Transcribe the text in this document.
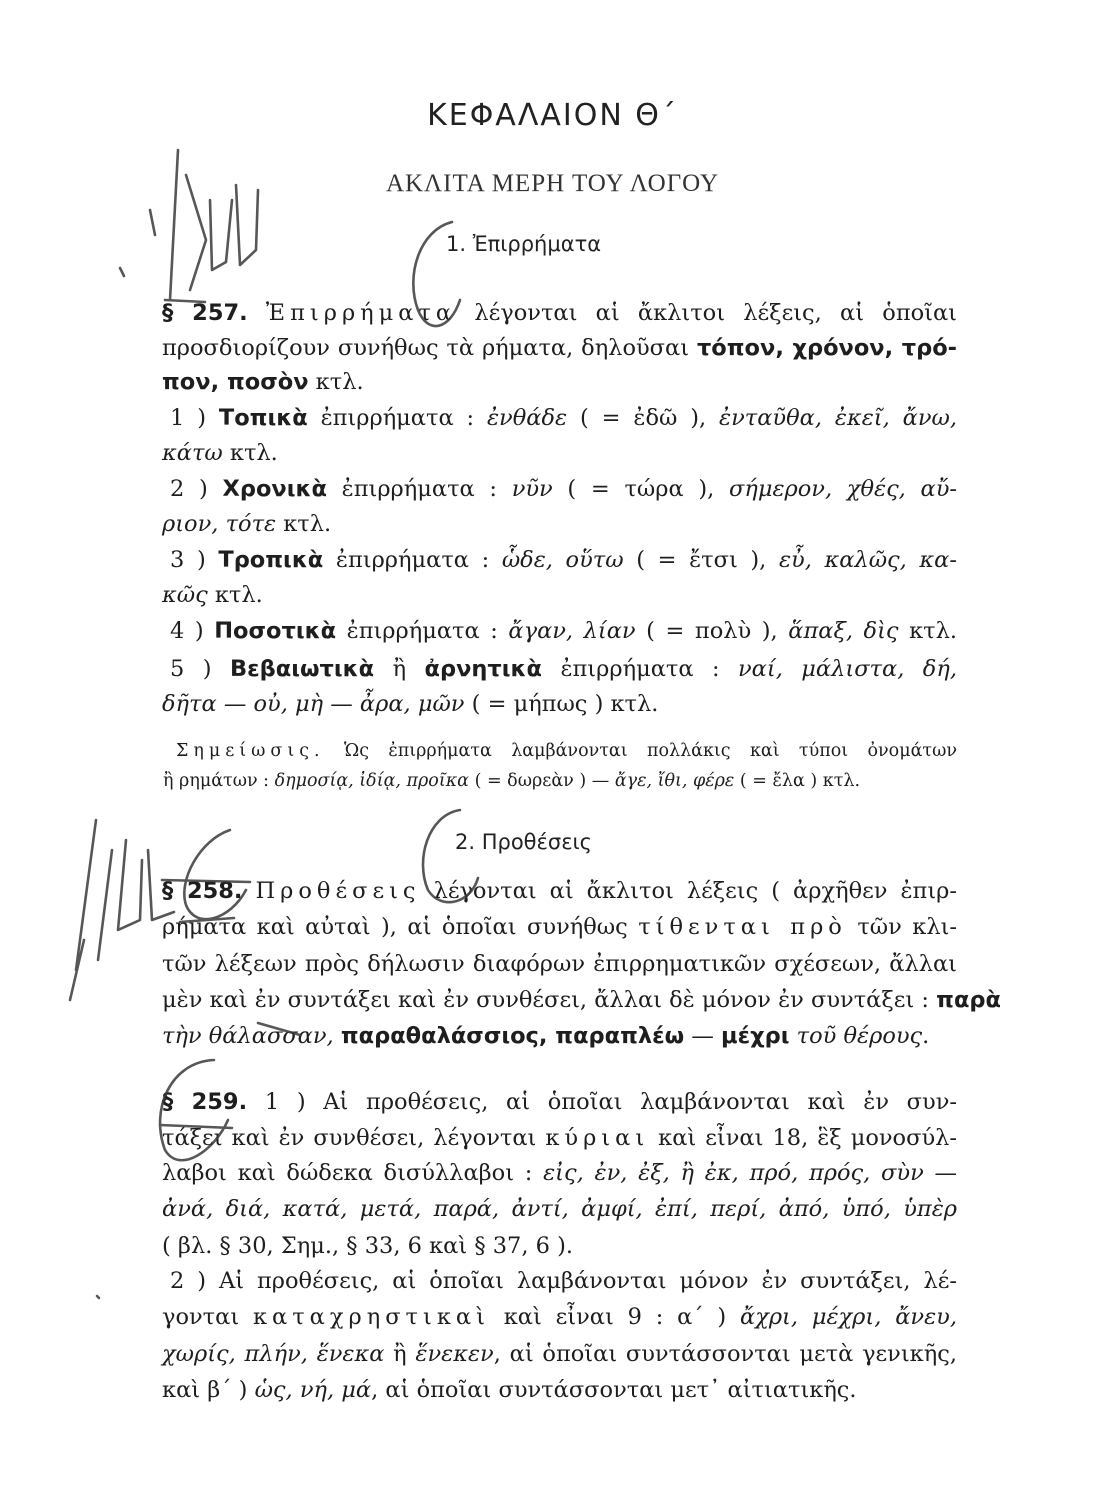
ΚΕΦΑΛΑΙΟΝ Θ΄
ΑΚΛΙΤΑ ΜΕΡΗ ΤΟΥ ΛΟΓΟΥ
1. Ἐπιρρήματα
§ 257. Ἐπιρρήματα λέγονται αἱ ἄκλιτοι λέξεις, αἱ ὁποῖαι
προσδιορίζουν συνήθως τὰ ρήματα, δηλοῦσαι τόπον, χρόνον, τρό-
πον, ποσὸν κτλ.
1 ) Τοπικὰ ἐπιρρήματα : ἐνθάδε ( = ἐδῶ ), ἐνταῦθα, ἐκεῖ, ἄνω,
κάτω κτλ.
2 ) Χρονικὰ ἐπιρρήματα : νῦν ( = τώρα ), σήμερον, χθές, αὔ-
ριον, τότε κτλ.
3 ) Τροπικὰ ἐπιρρήματα : ὧδε, οὕτω ( = ἔτσι ), εὖ, καλῶς, κα-
κῶς κτλ.
4 ) Ποσοτικὰ ἐπιρρήματα : ἄγαν, λίαν ( = πολὺ ), ἅπαξ, δὶς κτλ.
5 ) Βεβαιωτικὰ ἢ ἀρνητικὰ ἐπιρρήματα : ναί, μάλιστα, δή,
δῆτα — οὐ, μὴ — ἆρα, μῶν ( = μήπως ) κτλ.
Σημείωσις. Ὡς ἐπιρρήματα λαμβάνονται πολλάκις καὶ τύποι ὀνομάτων
ἢ ρημάτων : δημοσίᾳ, ἰδίᾳ, προῖκα ( = δωρεὰν ) — ἄγε, ἴθι, φέρε ( = ἔλα ) κτλ.
2. Προθέσεις
§ 258. Προθέσεις λέγονται αἱ ἄκλιτοι λέξεις ( ἀρχῆθεν ἐπιρ-
ρήματα καὶ αὐταὶ ), αἱ ὁποῖαι συνήθως τίθενται πρὸ τῶν κλι-
τῶν λέξεων πρὸς δήλωσιν διαφόρων ἐπιρρηματικῶν σχέσεων, ἄλλαι
μὲν καὶ ἐν συντάξει καὶ ἐν συνθέσει, ἄλλαι δὲ μόνον ἐν συντάξει : παρὰ
τὴν θάλασσαν, παραθαλάσσιος, παραπλέω — μέχρι τοῦ θέρους.
§ 259. 1 ) Αἱ προθέσεις, αἱ ὁποῖαι λαμβάνονται καὶ ἐν συν-
τάξει καὶ ἐν συνθέσει, λέγονται κύριαι καὶ εἶναι 18, ἓξ μονοσύλ-
λαβοι καὶ δώδεκα δισύλλαβοι : εἰς, ἐν, ἐξ, ἢ ἐκ, πρό, πρός, σὺν —
ἀνά, διά, κατά, μετά, παρά, ἀντί, ἀμφί, ἐπί, περί, ἀπό, ὑπό, ὑπὲρ
( βλ. § 30, Σημ., § 33, 6 καὶ § 37, 6 ).
2 ) Αἱ προθέσεις, αἱ ὁποῖαι λαμβάνονται μόνον ἐν συντάξει, λέ-
γονται καταχρηστικαὶ καὶ εἶναι 9 : α΄ ) ἄχρι, μέχρι, ἄνευ,
χωρίς, πλήν, ἕνεκα ἢ ἕνεκεν, αἱ ὁποῖαι συντάσσονται μετὰ γενικῆς,
καὶ β΄ ) ὡς, νή, μά, αἱ ὁποῖαι συντάσσονται μετ᾽ αἰτιατικῆς.
